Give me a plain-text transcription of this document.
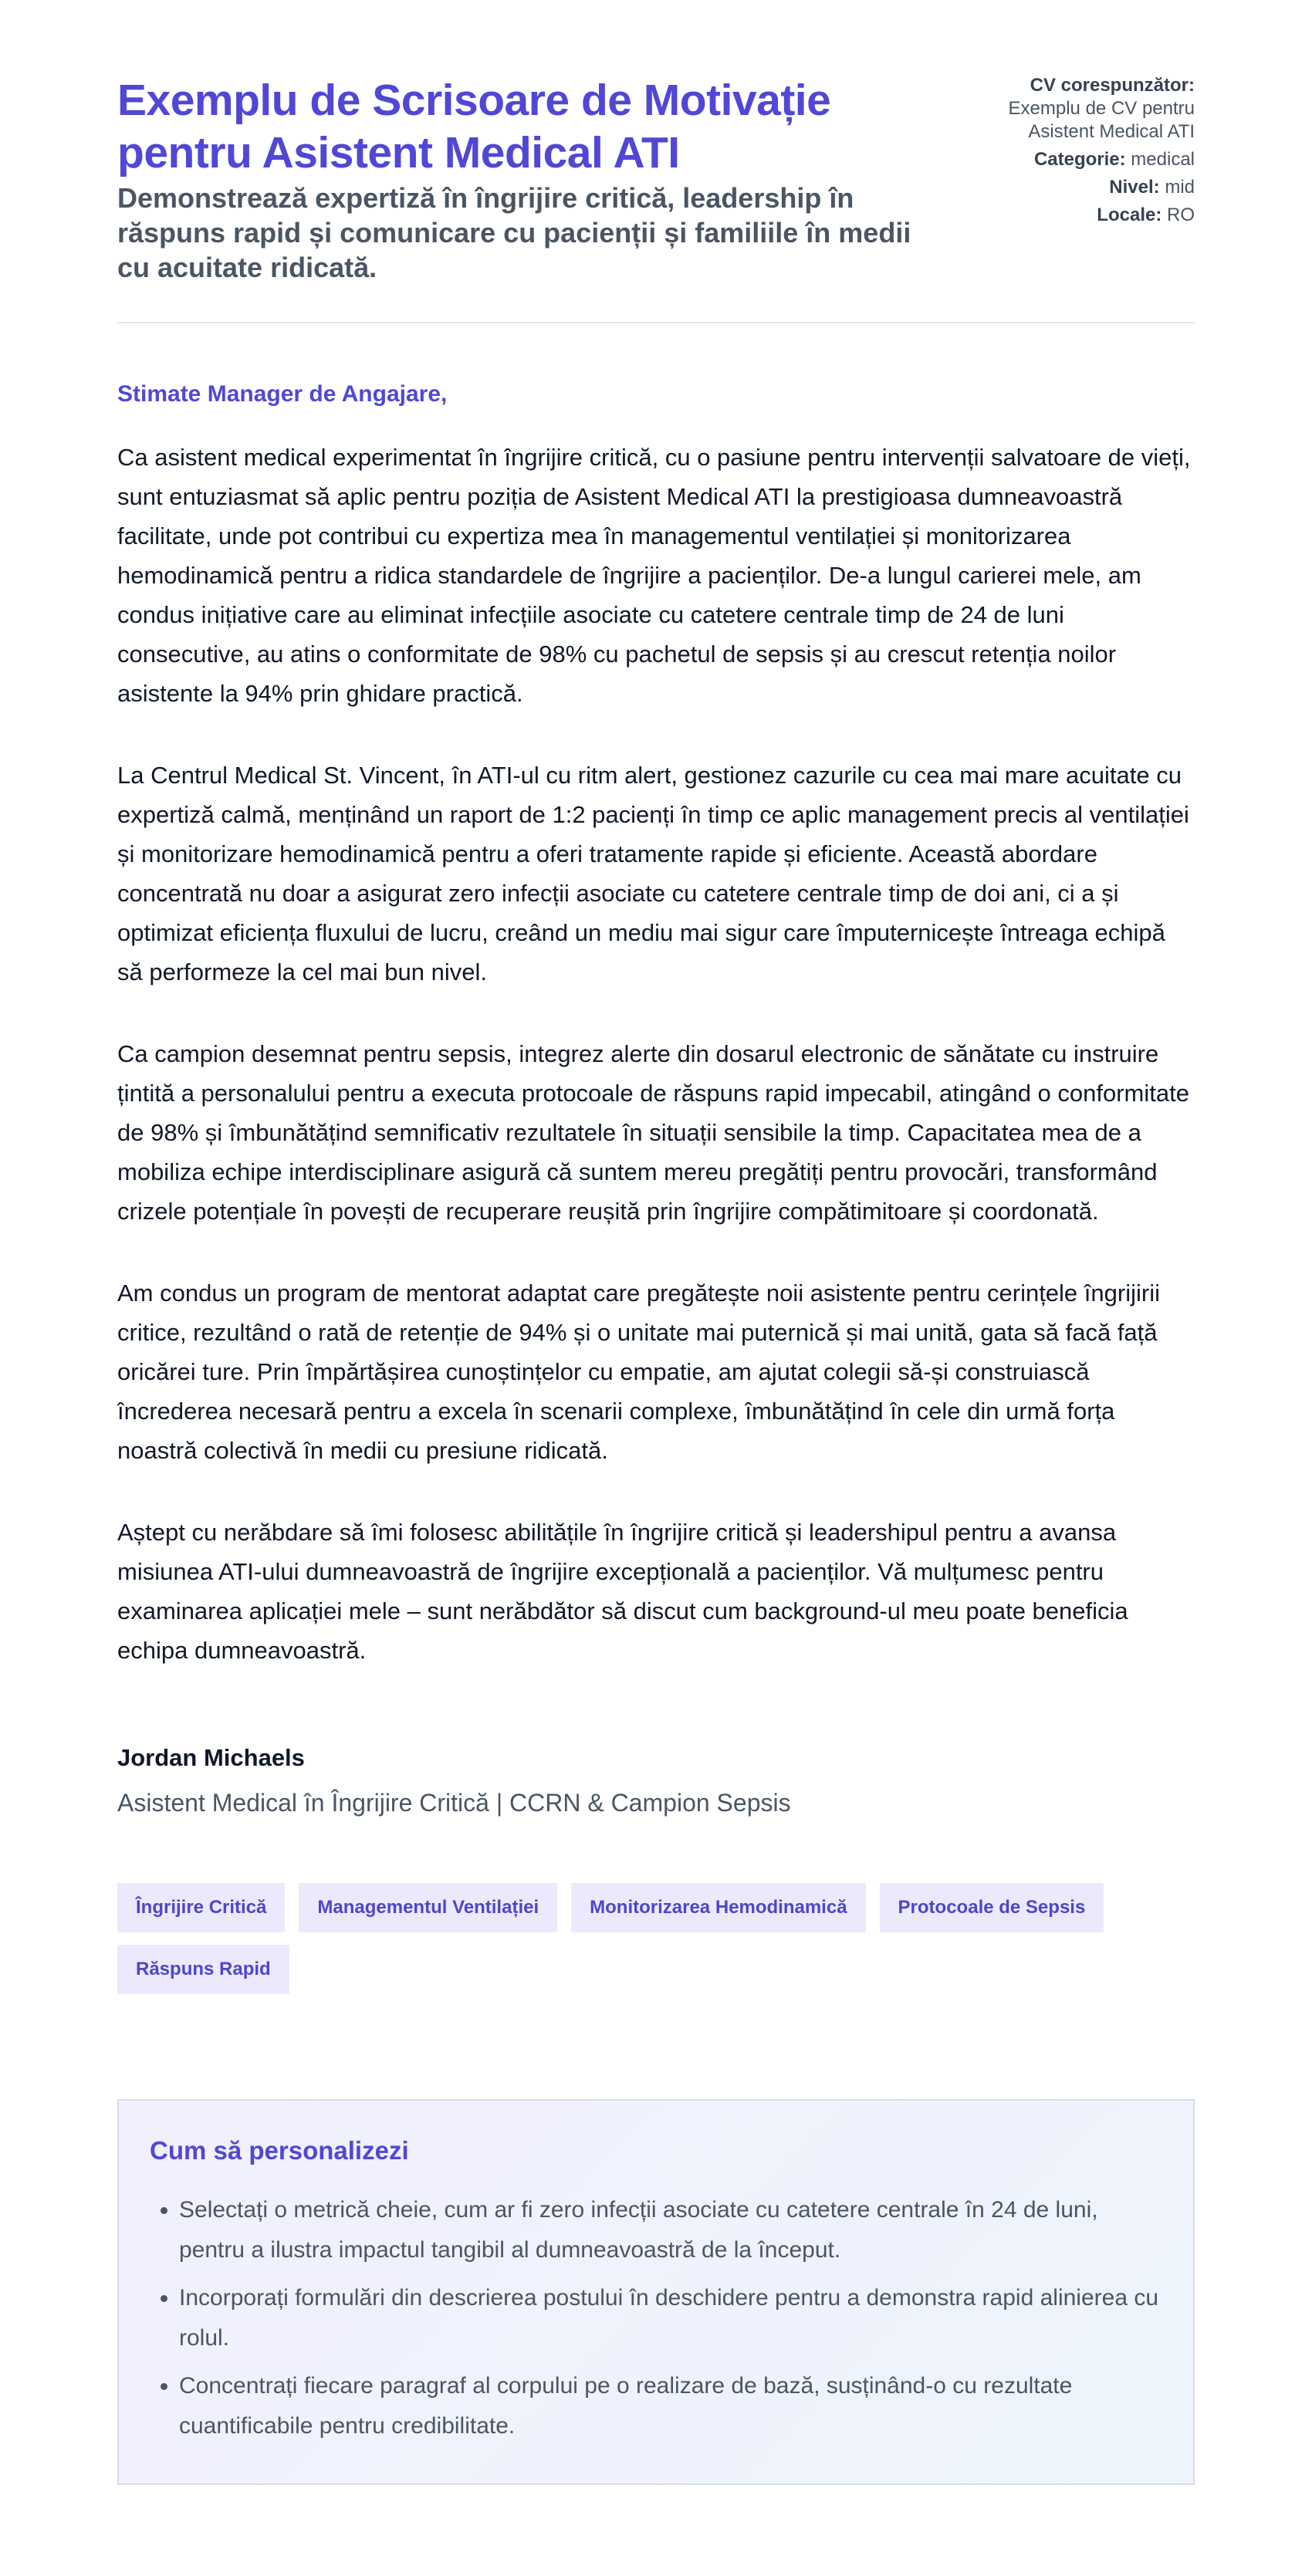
Exemplu de Scrisoare de Motivație pentru Asistent Medical ATI
Demonstrează expertiză în îngrijire critică, leadership în răspuns rapid și comunicare cu pacienții și familiile în medii cu acuitate ridicată.
CV corespunzător:
Exemplu de CV pentru Asistent Medical ATI
Categorie: medical
Nivel: mid
Locale: RO
Stimate Manager de Angajare,

Ca asistent medical experimentat în îngrijire critică, cu o pasiune pentru intervenții salvatoare de vieți, sunt entuziasmat să aplic pentru poziția de Asistent Medical ATI la prestigioasa dumneavoastră facilitate, unde pot contribui cu expertiza mea în managementul ventilației și monitorizarea hemodinamică pentru a ridica standardele de îngrijire a pacienților. De-a lungul carierei mele, am condus inițiative care au eliminat infecțiile asociate cu catetere centrale timp de 24 de luni consecutive, au atins o conformitate de 98% cu pachetul de sepsis și au crescut retenția noilor asistente la 94% prin ghidare practică.

La Centrul Medical St. Vincent, în ATI-ul cu ritm alert, gestionez cazurile cu cea mai mare acuitate cu expertiză calmă, menținând un raport de 1:2 pacienți în timp ce aplic management precis al ventilației și monitorizare hemodinamică pentru a oferi tratamente rapide și eficiente. Această abordare concentrată nu doar a asigurat zero infecții asociate cu catetere centrale timp de doi ani, ci a și optimizat eficiența fluxului de lucru, creând un mediu mai sigur care împuternicește întreaga echipă să performeze la cel mai bun nivel.

Ca campion desemnat pentru sepsis, integrez alerte din dosarul electronic de sănătate cu instruire țintită a personalului pentru a executa protocoale de răspuns rapid impecabil, atingând o conformitate de 98% și îmbunătățind semnificativ rezultatele în situații sensibile la timp. Capacitatea mea de a mobiliza echipe interdisciplinare asigură că suntem mereu pregătiți pentru provocări, transformând crizele potențiale în povești de recuperare reușită prin îngrijire compătimitoare și coordonată.

Am condus un program de mentorat adaptat care pregătește noii asistente pentru cerințele îngrijirii critice, rezultând o rată de retenție de 94% și o unitate mai puternică și mai unită, gata să facă față oricărei ture. Prin împărtășirea cunoștințelor cu empatie, am ajutat colegii să-și construiască încrederea necesară pentru a excela în scenarii complexe, îmbunătățind în cele din urmă forța noastră colectivă în medii cu presiune ridicată.

Aștept cu nerăbdare să îmi folosesc abilitățile în îngrijire critică și leadershipul pentru a avansa misiunea ATI-ului dumneavoastră de îngrijire excepțională a pacienților. Vă mulțumesc pentru examinarea aplicației mele – sunt nerăbdător să discut cum background-ul meu poate beneficia echipa dumneavoastră.

Jordan Michaels
Asistent Medical în Îngrijire Critică | CCRN & Campion Sepsis
Îngrijire Critică	Managementul Ventilației	Monitorizarea Hemodinamică	Protocoale de Sepsis
Răspuns Rapid
Cum să personalizezi
• Selectați o metrică cheie, cum ar fi zero infecții asociate cu catetere centrale în 24 de luni, pentru a ilustra impactul tangibil al dumneavoastră de la început.
• Incorporați formulări din descrierea postului în deschidere pentru a demonstra rapid alinierea cu rolul.
• Concentrați fiecare paragraf al corpului pe o realizare de bază, susținând-o cu rezultate cuantificabile pentru credibilitate.
